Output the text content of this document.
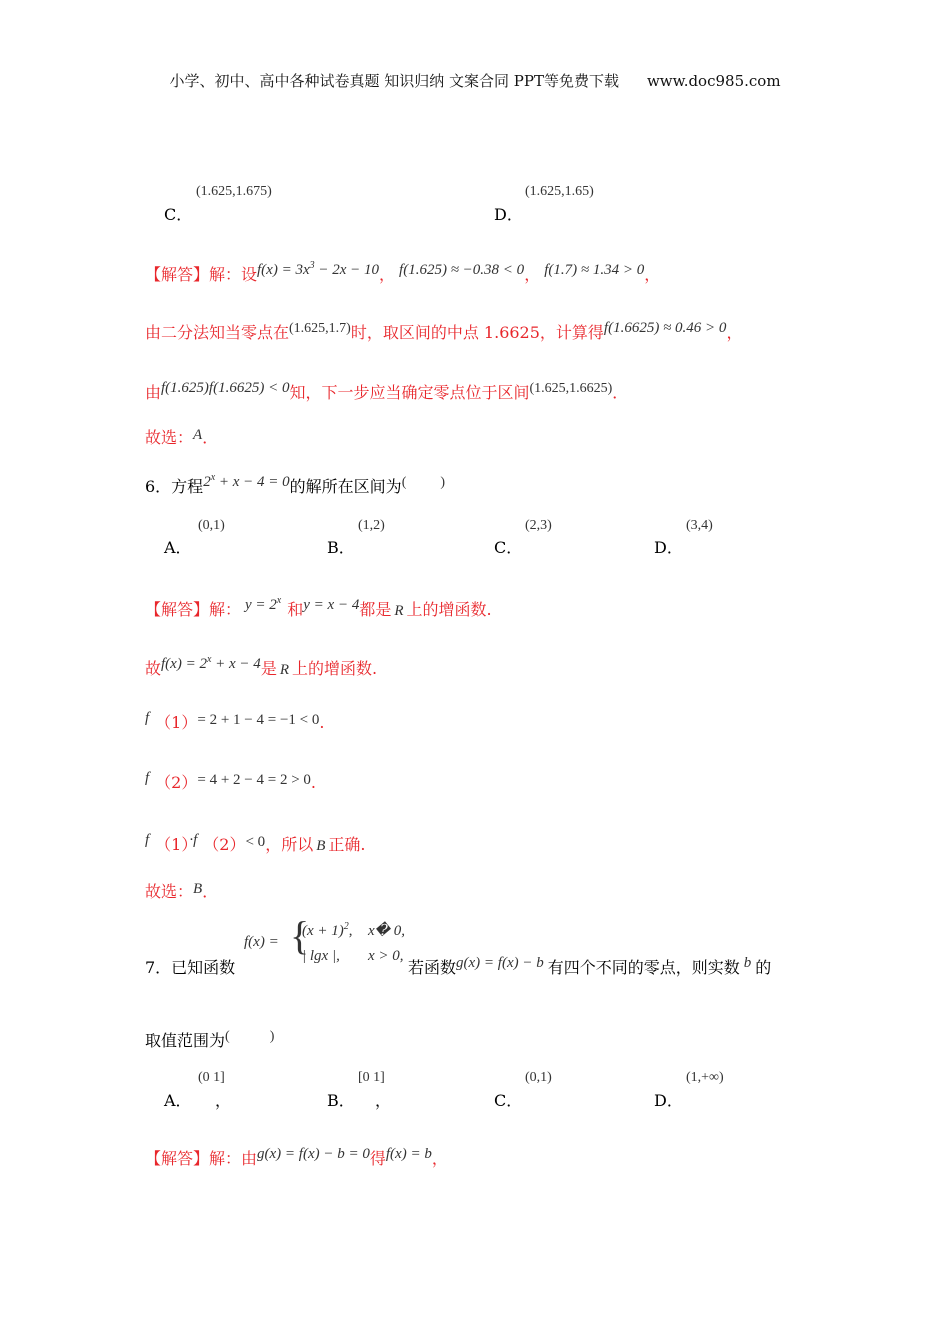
小学、初中、高中各种试卷真题 知识归纳 文案合同 PPT等免费下载 www.doc985.com
(1.625,1.675)
C．
(1.625,1.65)
D．
【解答】解：设$f(x) = 3x^3 - 2x - 10$， f(1.625) ≈ −0.38 < 0， f(1.7) ≈ 1.34 > 0，
由二分法知当零点在(1.625,1.7)时，取区间的中点 1.6625，计算得f(1.6625) ≈ 0.46 > 0，
由f(1.625)f(1.6625) < 0知，下一步应当确定零点位于区间(1.625,1.6625)．
故选：A．
6．方程$2^x + x - 4 = 0$的解所在区间为( )
(0,1)
A．
(1,2)
B．
(2,3)
C．
(3,4)
D．
【解答】解： $y = 2^x$ 和y = x − 4都是 R 上的增函数.
故$f(x) = 2^x + x - 4$是 R 上的增函数.
f （1）= 2 + 1 − 4 = −1 < 0.
f （2）= 4 + 2 − 4 = 2 > 0.
f （1）·f （2）< 0，所以 B 正确.
故选：B．
f(x) = {
$(x + 1)^2$, x� 0,
| lgx |, x > 0,
7．已知函数	若函数g(x) = f(x) − b 有四个不同的零点，则实数 b 的
取值范围为(	)
(0 1]
A． ，
[0 1]
B． ，
(0,1)
C．
(1,+∞)
D．
【解答】解：由g(x) = f(x) − b = 0得f(x) = b，
